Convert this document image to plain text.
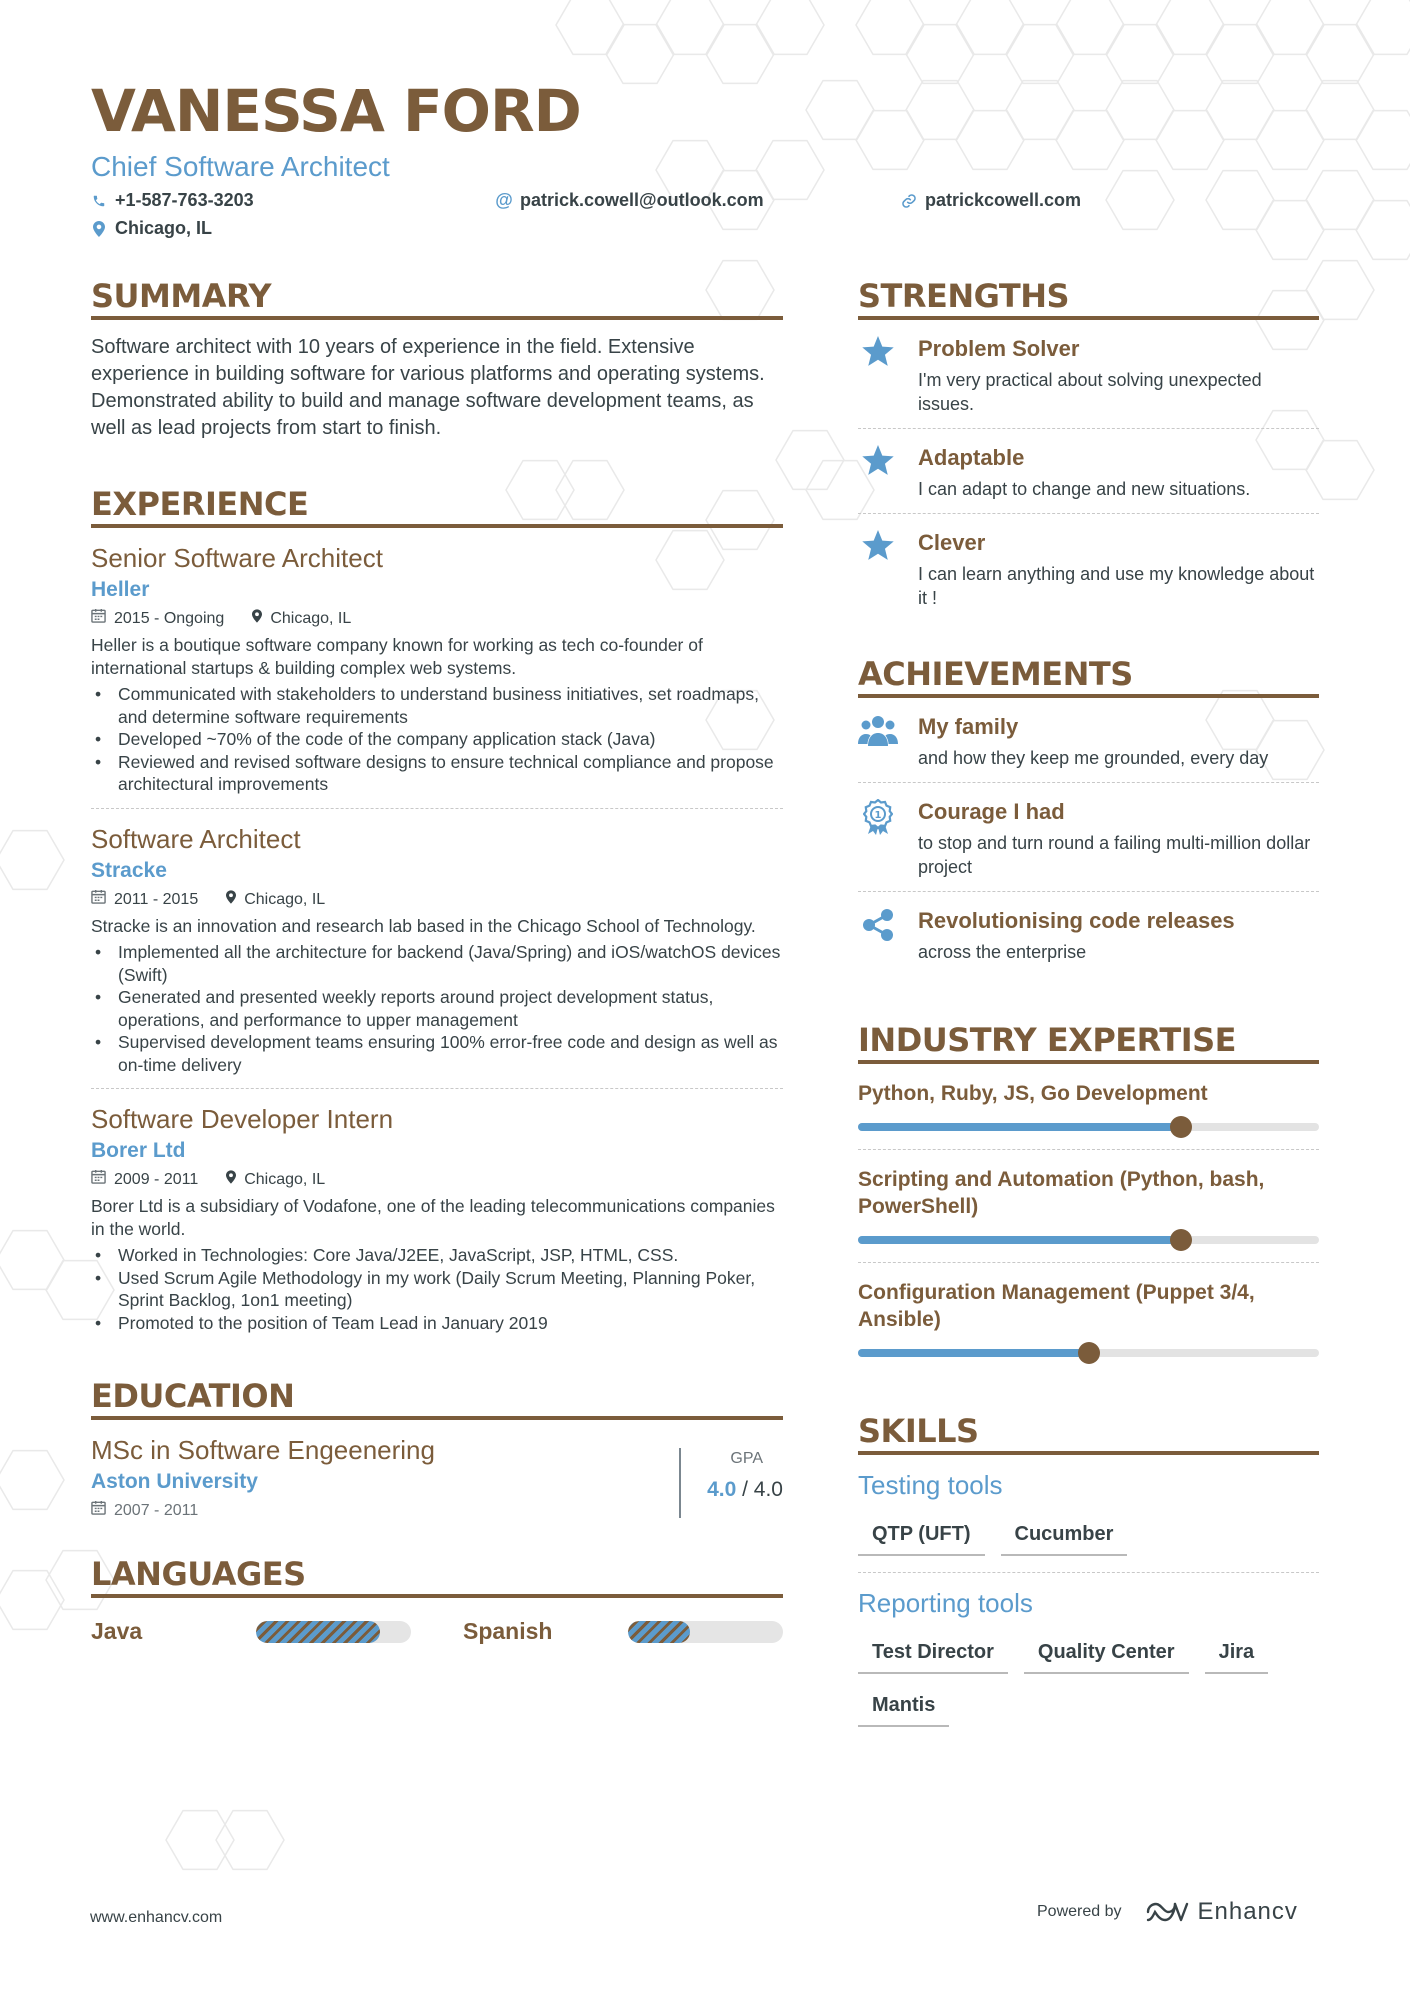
VANESSA FORD
Chief Software Architect
+1-587-763-3203	@ patrick.cowell@outlook.com	patrickcowell.com
Chicago, IL
SUMMARY
Software architect with 10 years of experience in the field. Extensive experience in building software for various platforms and operating systems. Demonstrated ability to build and manage software development teams, as well as lead projects from start to finish.
EXPERIENCE
Senior Software Architect
Heller
2015 - Ongoing	Chicago, IL
Heller is a boutique software company known for working as tech co-founder of international startups & building complex web systems.
• Communicated with stakeholders to understand business initiatives, set roadmaps, and determine software requirements
• Developed ~70% of the code of the company application stack (Java)
• Reviewed and revised software designs to ensure technical compliance and propose architectural improvements
Software Architect
Stracke
2011 - 2015	Chicago, IL
Stracke is an innovation and research lab based in the Chicago School of Technology.
• Implemented all the architecture for backend (Java/Spring) and iOS/watchOS devices (Swift)
• Generated and presented weekly reports around project development status, operations, and performance to upper management
• Supervised development teams ensuring 100% error-free code and design as well as on-time delivery
Software Developer Intern
Borer Ltd
2009 - 2011	Chicago, IL
Borer Ltd is a subsidiary of Vodafone, one of the leading telecommunications companies in the world.
• Worked in Technologies: Core Java/J2EE, JavaScript, JSP, HTML, CSS.
• Used Scrum Agile Methodology in my work (Daily Scrum Meeting, Planning Poker, Sprint Backlog, 1on1 meeting)
• Promoted to the position of Team Lead in January 2019
EDUCATION
MSc in Software Engeenering
Aston University
2007 - 2011
GPA
4.0 / 4.0
LANGUAGES
Java	Spanish
STRENGTHS
Problem Solver
I'm very practical about solving unexpected issues.
Adaptable
I can adapt to change and new situations.
Clever
I can learn anything and use my knowledge about it !
ACHIEVEMENTS
My family
and how they keep me grounded, every day
1 Courage I had
to stop and turn round a failing multi-million dollar project
Revolutionising code releases
across the enterprise
INDUSTRY EXPERTISE
Python, Ruby, JS, Go Development
Scripting and Automation (Python, bash, PowerShell)
Configuration Management (Puppet 3/4, Ansible)
SKILLS
Testing tools
QTP (UFT)	Cucumber
Reporting tools
Test Director	Quality Center	Jira
Mantis
www.enhancv.com	Powered by	Enhancv
